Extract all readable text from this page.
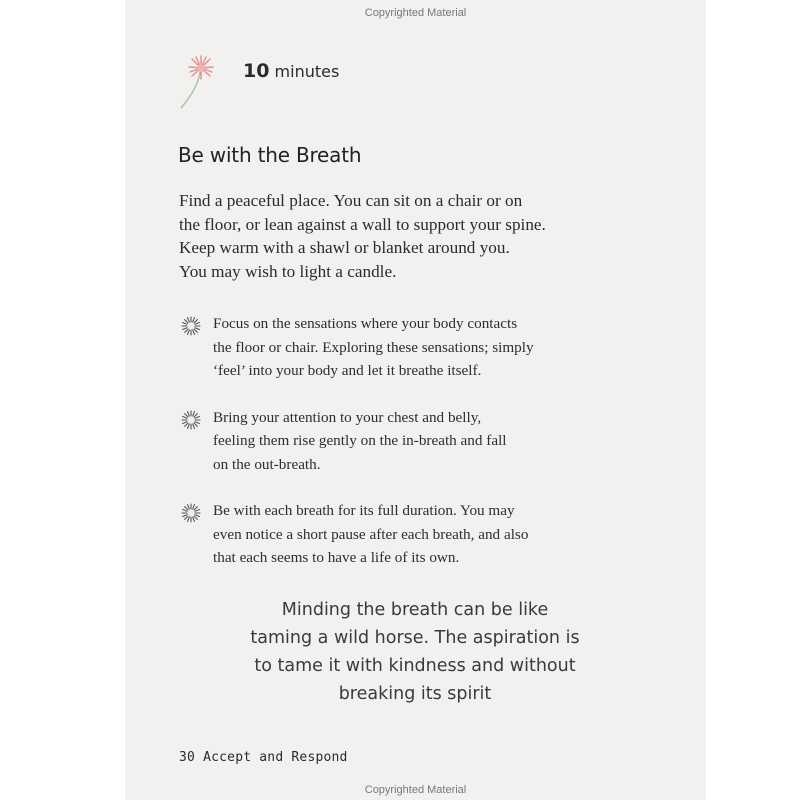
Copyrighted Material
10 minutes
Be with the Breath
Find a peaceful place. You can sit on a chair or on
the floor, or lean against a wall to support your spine.
Keep warm with a shawl or blanket around you.
You may wish to light a candle.
Focus on the sensations where your body contacts
the floor or chair. Exploring these sensations; simply
‘feel’ into your body and let it breathe itself.
Bring your attention to your chest and belly,
feeling them rise gently on the in-breath and fall
on the out-breath.
Be with each breath for its full duration. You may
even notice a short pause after each breath, and also
that each seems to have a life of its own.
Minding the breath can be like
taming a wild horse. The aspiration is
to tame it with kindness and without
breaking its spirit
30 Accept and Respond
Copyrighted Material
